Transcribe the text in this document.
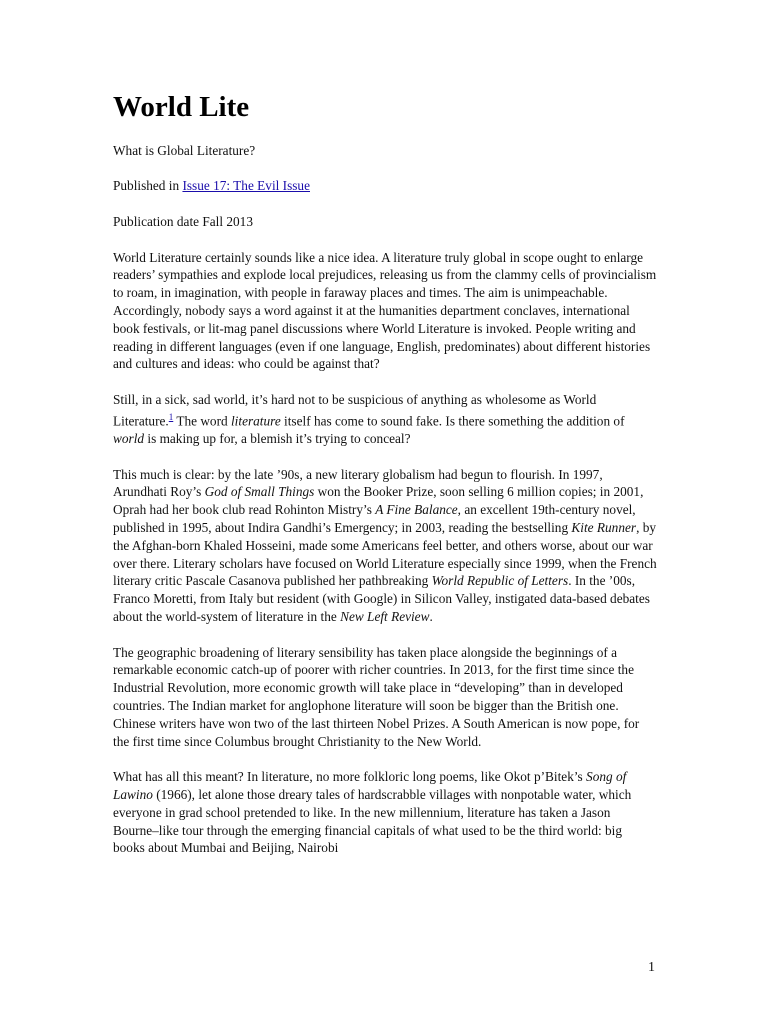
World Lite

What is Global Literature?

Published in Issue 17: The Evil Issue

Publication date Fall 2013

World Literature certainly sounds like a nice idea. A literature truly global in scope ought to enlarge readers’ sympathies and explode local prejudices, releasing us from the clammy cells of provincialism to roam, in imagination, with people in faraway places and times. The aim is unimpeachable. Accordingly, nobody says a word against it at the humanities department conclaves, international book festivals, or lit-mag panel discussions where World Literature is invoked. People writing and reading in different languages (even if one language, English, predominates) about different histories and cultures and ideas: who could be against that?

Still, in a sick, sad world, it’s hard not to be suspicious of anything as wholesome as World Literature.$^1$ The word literature itself has come to sound fake. Is there something the addition of world is making up for, a blemish it’s trying to conceal?

This much is clear: by the late ’90s, a new literary globalism had begun to flourish. In 1997, Arundhati Roy’s God of Small Things won the Booker Prize, soon selling 6 million copies; in 2001, Oprah had her book club read Rohinton Mistry’s A Fine Balance, an excellent 19th-century novel, published in 1995, about Indira Gandhi’s Emergency; in 2003, reading the bestselling Kite Runner, by the Afghan-born Khaled Hosseini, made some Americans feel better, and others worse, about our war over there. Literary scholars have focused on World Literature especially since 1999, when the French literary critic Pascale Casanova published her pathbreaking World Republic of Letters. In the ’00s, Franco Moretti, from Italy but resident (with Google) in Silicon Valley, instigated data-based debates about the world-system of literature in the New Left Review.

The geographic broadening of literary sensibility has taken place alongside the beginnings of a remarkable economic catch-up of poorer with richer countries. In 2013, for the first time since the Industrial Revolution, more economic growth will take place in “developing” than in developed countries. The Indian market for anglophone literature will soon be bigger than the British one. Chinese writers have won two of the last thirteen Nobel Prizes. A South American is now pope, for the first time since Columbus brought Christianity to the New World.

What has all this meant? In literature, no more folkloric long poems, like Okot p’Bitek’s Song of Lawino (1966), let alone those dreary tales of hardscrabble villages with nonpotable water, which everyone in grad school pretended to like. In the new millennium, literature has taken a Jason Bourne–like tour through the emerging financial capitals of what used to be the third world: big books about Mumbai and Beijing, Nairobi

1
